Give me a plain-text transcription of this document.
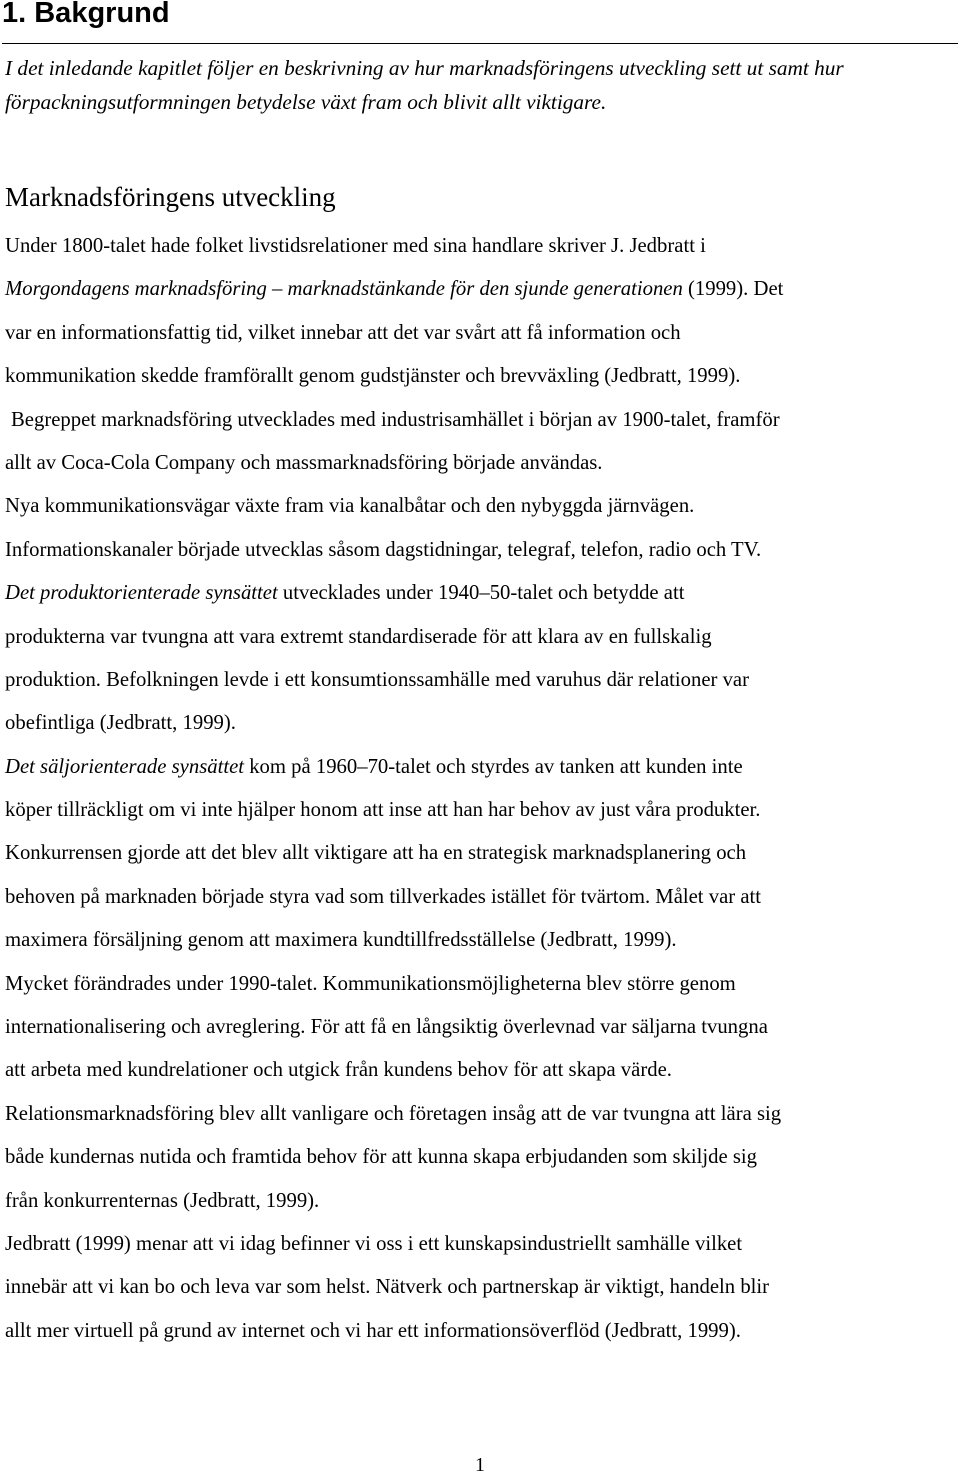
1. Bakgrund

I det inledande kapitlet följer en beskrivning av hur marknadsföringens utveckling sett ut samt hur förpackningsutformningen betydelse växt fram och blivit allt viktigare.

Marknadsföringens utveckling
Under 1800-talet hade folket livstidsrelationer med sina handlare skriver J. Jedbratt i
Morgondagens marknadsföring – marknadstänkande för den sjunde generationen (1999). Det
var en informationsfattig tid, vilket innebar att det var svårt att få information och
kommunikation skedde framförallt genom gudstjänster och brevväxling (Jedbratt, 1999).
Begreppet marknadsföring utvecklades med industrisamhället i början av 1900-talet, framför
allt av Coca-Cola Company och massmarknadsföring började användas.
Nya kommunikationsvägar växte fram via kanalbåtar och den nybyggda järnvägen.
Informationskanaler började utvecklas såsom dagstidningar, telegraf, telefon, radio och TV.
Det produktorienterade synsättet utvecklades under 1940–50-talet och betydde att
produkterna var tvungna att vara extremt standardiserade för att klara av en fullskalig
produktion. Befolkningen levde i ett konsumtionssamhälle med varuhus där relationer var
obefintliga (Jedbratt, 1999).
Det säljorienterade synsättet kom på 1960–70-talet och styrdes av tanken att kunden inte
köper tillräckligt om vi inte hjälper honom att inse att han har behov av just våra produkter.
Konkurrensen gjorde att det blev allt viktigare att ha en strategisk marknadsplanering och
behoven på marknaden började styra vad som tillverkades istället för tvärtom. Målet var att
maximera försäljning genom att maximera kundtillfredsställelse (Jedbratt, 1999).
Mycket förändrades under 1990-talet. Kommunikationsmöjligheterna blev större genom
internationalisering och avreglering. För att få en långsiktig överlevnad var säljarna tvungna
att arbeta med kundrelationer och utgick från kundens behov för att skapa värde.
Relationsmarknadsföring blev allt vanligare och företagen insåg att de var tvungna att lära sig
både kundernas nutida och framtida behov för att kunna skapa erbjudanden som skiljde sig
från konkurrenternas (Jedbratt, 1999).
Jedbratt (1999) menar att vi idag befinner vi oss i ett kunskapsindustriellt samhälle vilket
innebär att vi kan bo och leva var som helst. Nätverk och partnerskap är viktigt, handeln blir
allt mer virtuell på grund av internet och vi har ett informationsöverflöd (Jedbratt, 1999).
1
